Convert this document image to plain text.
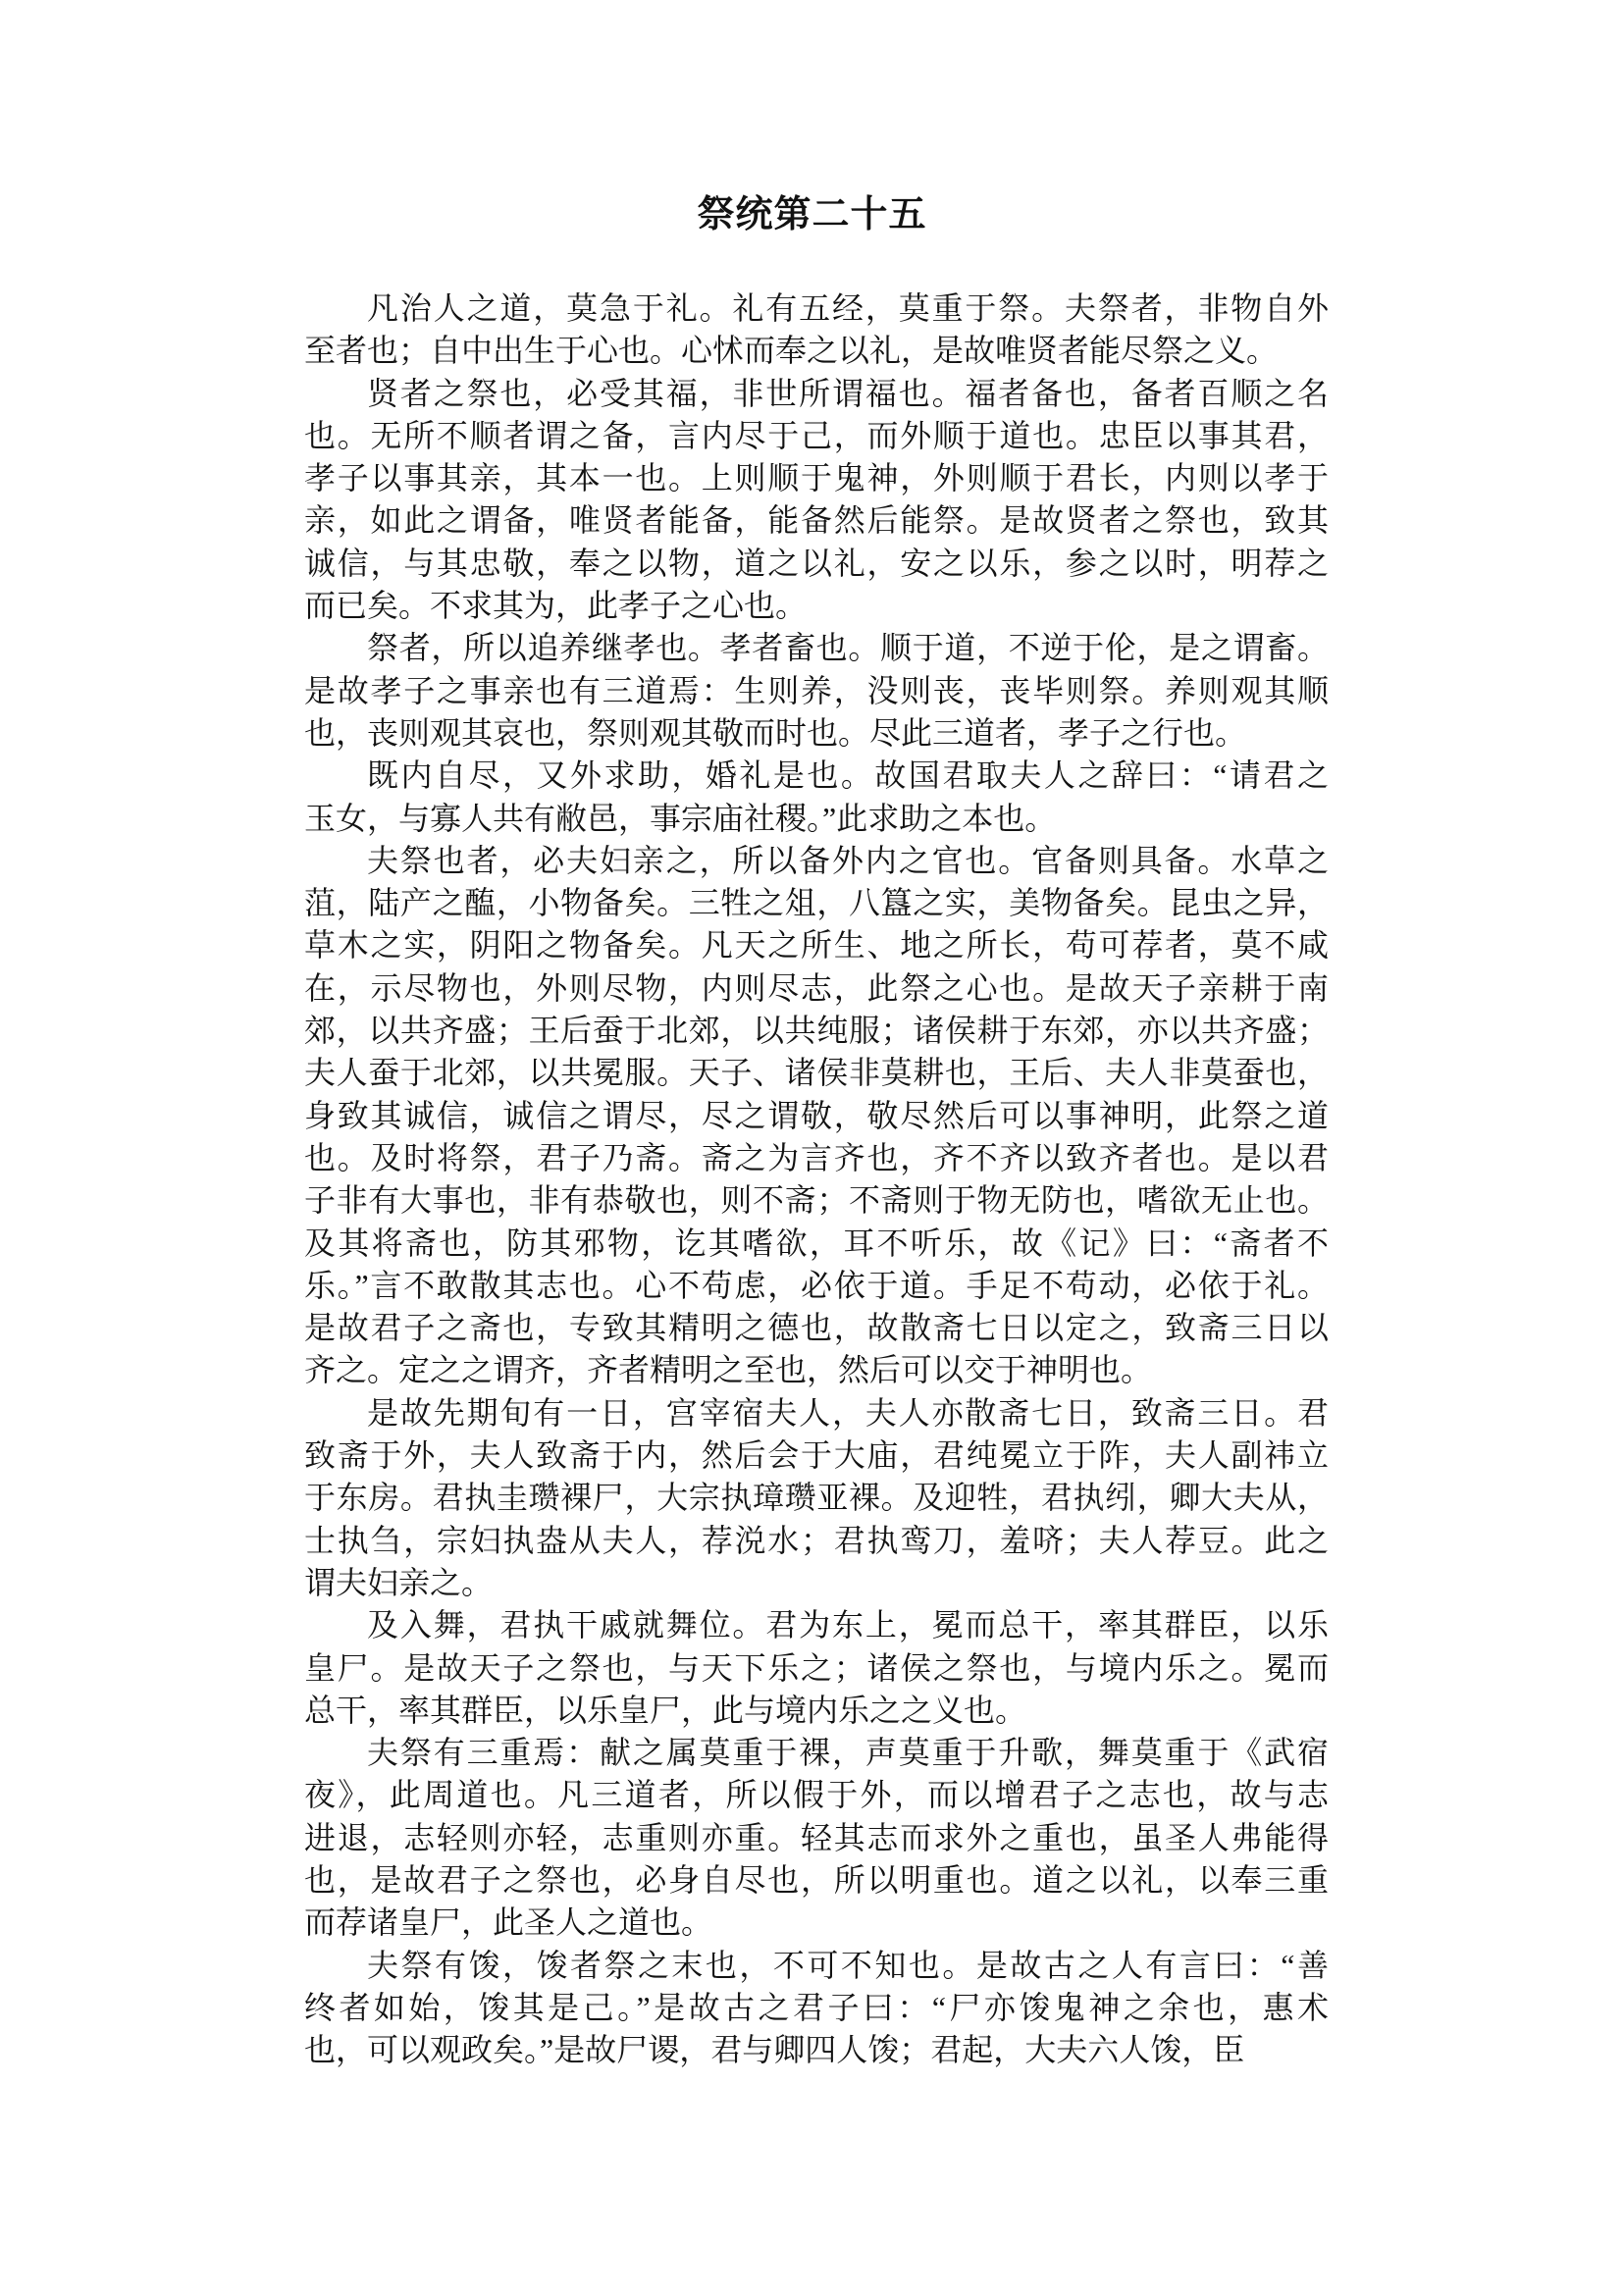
祭统第二十五
凡治人之道，莫急于礼。礼有五经，莫重于祭。夫祭者，非物自外
至者也；自中出生于心也。心怵而奉之以礼，是故唯贤者能尽祭之义。
贤者之祭也，必受其福，非世所谓福也。福者备也，备者百顺之名
也。无所不顺者谓之备，言内尽于己，而外顺于道也。忠臣以事其君，
孝子以事其亲，其本一也。上则顺于鬼神，外则顺于君长，内则以孝于
亲，如此之谓备，唯贤者能备，能备然后能祭。是故贤者之祭也，致其
诚信，与其忠敬，奉之以物，道之以礼，安之以乐，参之以时，明荐之
而已矣。不求其为，此孝子之心也。
祭者，所以追养继孝也。孝者畜也。顺于道，不逆于伦，是之谓畜。
是故孝子之事亲也有三道焉：生则养，没则丧，丧毕则祭。养则观其顺
也，丧则观其哀也，祭则观其敬而时也。尽此三道者，孝子之行也。
既内自尽，又外求助，婚礼是也。故国君取夫人之辞曰：“请君之
玉女，与寡人共有敝邑，事宗庙社稷。”此求助之本也。
夫祭也者，必夫妇亲之，所以备外内之官也。官备则具备。水草之
菹，陆产之醢，小物备矣。三牲之俎，八簋之实，美物备矣。昆虫之异，
草木之实，阴阳之物备矣。凡天之所生、地之所长，苟可荐者，莫不咸
在，示尽物也，外则尽物，内则尽志，此祭之心也。是故天子亲耕于南
郊，以共齐盛；王后蚕于北郊，以共纯服；诸侯耕于东郊，亦以共齐盛；
夫人蚕于北郊，以共冕服。天子、诸侯非莫耕也，王后、夫人非莫蚕也，
身致其诚信，诚信之谓尽，尽之谓敬，敬尽然后可以事神明，此祭之道
也。及时将祭，君子乃斋。斋之为言齐也，齐不齐以致齐者也。是以君
子非有大事也，非有恭敬也，则不斋；不斋则于物无防也，嗜欲无止也。
及其将斋也，防其邪物，讫其嗜欲，耳不听乐，故《记》曰：“斋者不
乐。”言不敢散其志也。心不苟虑，必依于道。手足不苟动，必依于礼。
是故君子之斋也，专致其精明之德也，故散斋七日以定之，致斋三日以
齐之。定之之谓齐，齐者精明之至也，然后可以交于神明也。
是故先期旬有一日，宫宰宿夫人，夫人亦散斋七日，致斋三日。君
致斋于外，夫人致斋于内，然后会于大庙，君纯冕立于阼，夫人副祎立
于东房。君执圭瓒裸尸，大宗执璋瓒亚裸。及迎牲，君执纼，卿大夫从，
士执刍，宗妇执盎从夫人，荐涚水；君执鸾刀，羞哜；夫人荐豆。此之
谓夫妇亲之。
及入舞，君执干戚就舞位。君为东上，冕而总干，率其群臣，以乐
皇尸。是故天子之祭也，与天下乐之；诸侯之祭也，与境内乐之。冕而
总干，率其群臣，以乐皇尸，此与境内乐之之义也。
夫祭有三重焉：献之属莫重于裸，声莫重于升歌，舞莫重于《武宿
夜》，此周道也。凡三道者，所以假于外，而以增君子之志也，故与志
进退，志轻则亦轻，志重则亦重。轻其志而求外之重也，虽圣人弗能得
也，是故君子之祭也，必身自尽也，所以明重也。道之以礼，以奉三重
而荐诸皇尸，此圣人之道也。
夫祭有馂，馂者祭之末也，不可不知也。是故古之人有言曰：“善
终者如始，馂其是己。”是故古之君子曰：“尸亦馂鬼神之余也，惠术
也，可以观政矣。”是故尸谡，君与卿四人馂；君起，大夫六人馂，臣
